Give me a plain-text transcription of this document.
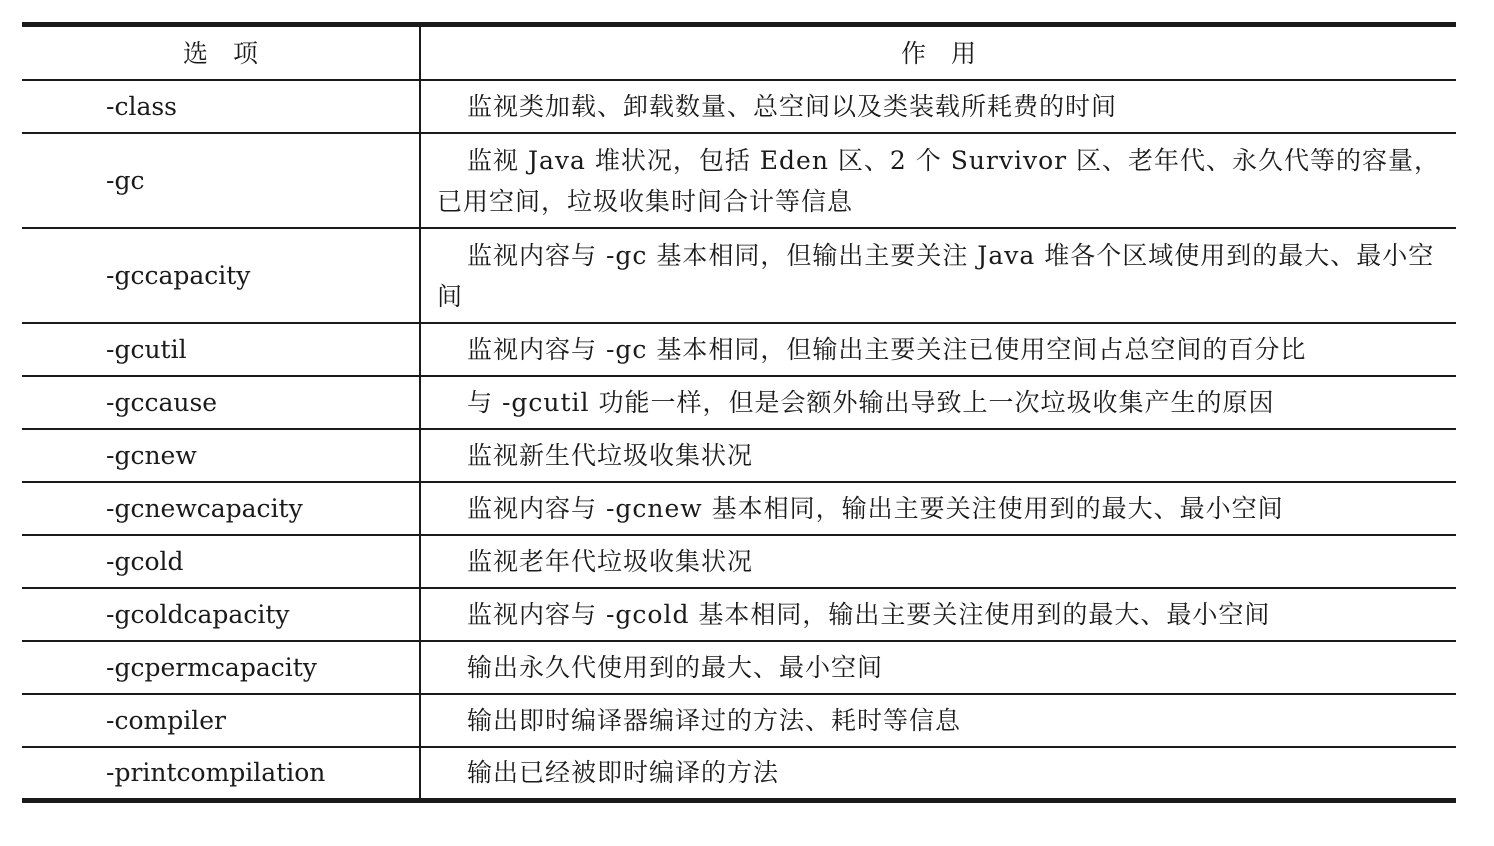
选　项	作　用
-class	监视类加载、卸载数量、总空间以及类装载所耗费的时间
-gc	监视 Java 堆状况，包括 Eden 区、2 个 Survivor 区、老年代、永久代等的容量，已用空间，垃圾收集时间合计等信息
-gccapacity	监视内容与 -gc 基本相同，但输出主要关注 Java 堆各个区域使用到的最大、最小空间
-gcutil	监视内容与 -gc 基本相同，但输出主要关注已使用空间占总空间的百分比
-gccause	与 -gcutil 功能一样，但是会额外输出导致上一次垃圾收集产生的原因
-gcnew	监视新生代垃圾收集状况
-gcnewcapacity	监视内容与 -gcnew 基本相同，输出主要关注使用到的最大、最小空间
-gcold	监视老年代垃圾收集状况
-gcoldcapacity	监视内容与 -gcold 基本相同，输出主要关注使用到的最大、最小空间
-gcpermcapacity	输出永久代使用到的最大、最小空间
-compiler	输出即时编译器编译过的方法、耗时等信息
-printcompilation	输出已经被即时编译的方法
